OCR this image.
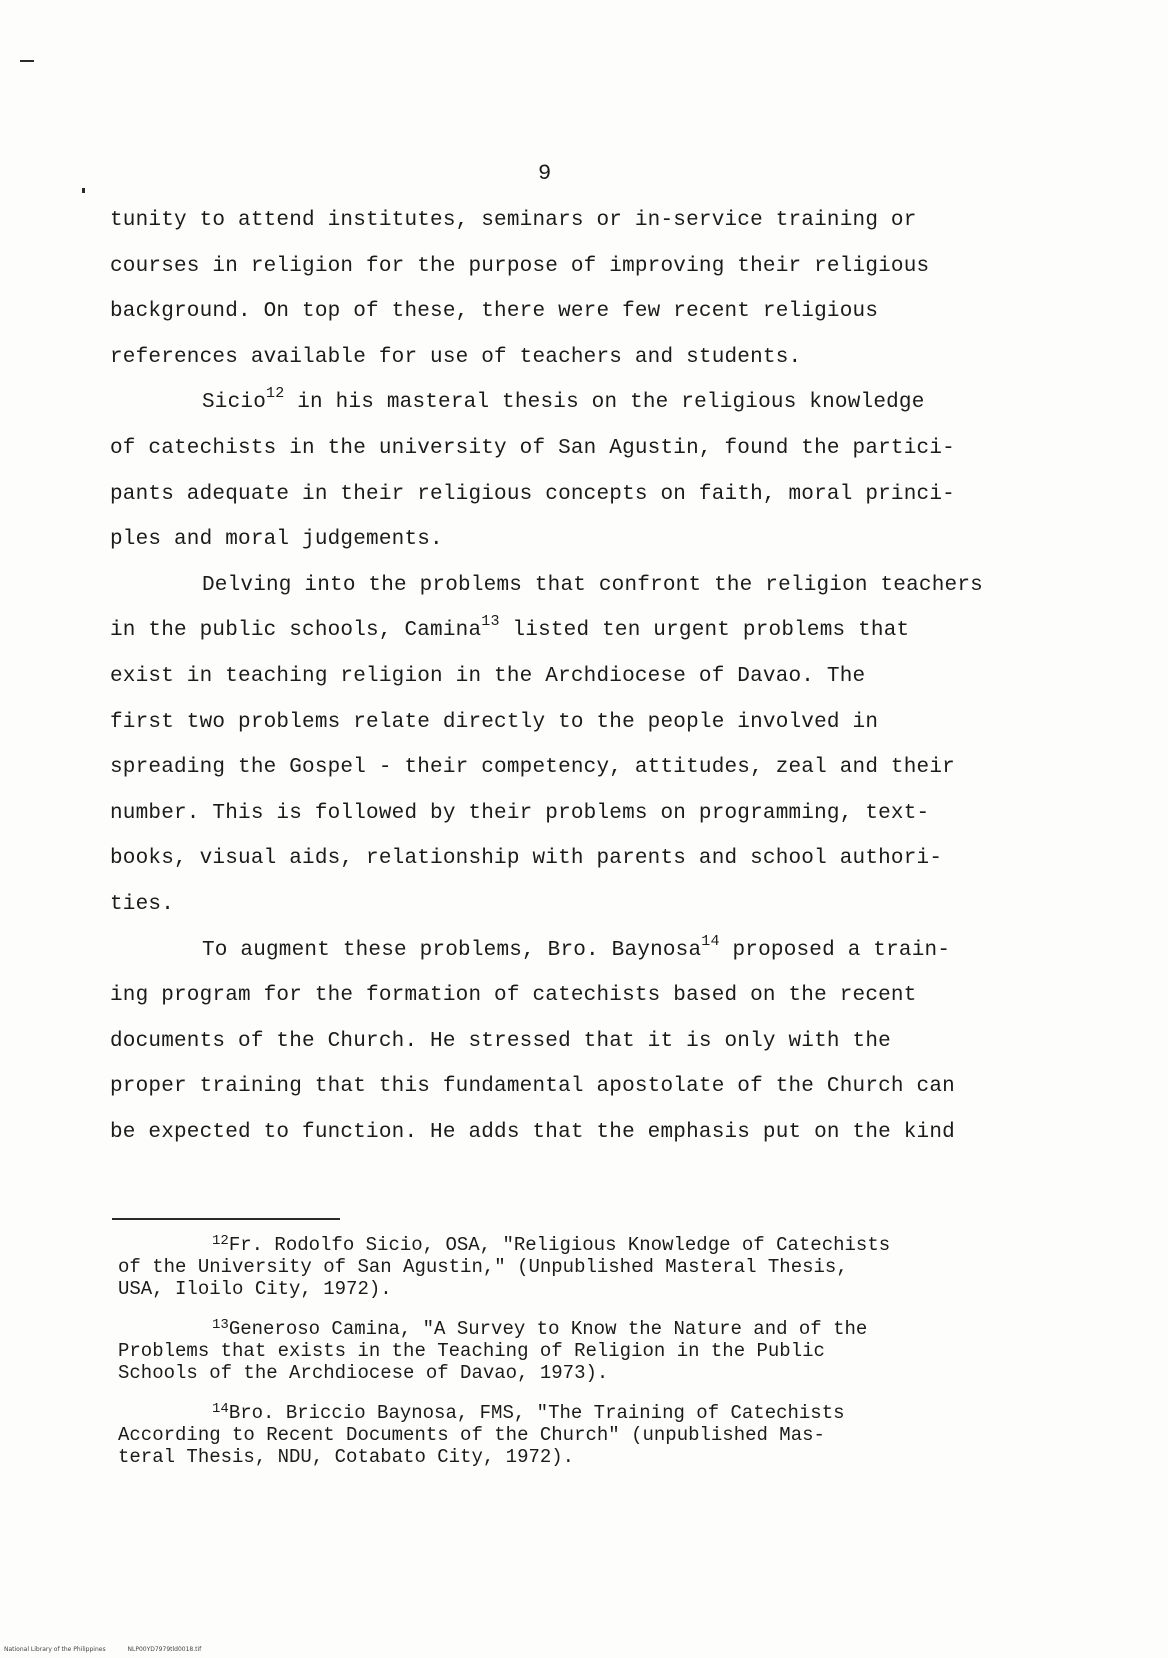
9
tunity to attend institutes, seminars or in-service training or
courses in religion for the purpose of improving their religious
background. On top of these, there were few recent religious
references available for use of teachers and students.
Sicio$^{12}$ in his masteral thesis on the religious knowledge
of catechists in the university of San Agustin, found the partici-
pants adequate in their religious concepts on faith, moral princi-
ples and moral judgements.
Delving into the problems that confront the religion teachers
in the public schools, Camina$^{13}$ listed ten urgent problems that
exist in teaching religion in the Archdiocese of Davao. The
first two problems relate directly to the people involved in
spreading the Gospel - their competency, attitudes, zeal and their
number. This is followed by their problems on programming, text-
books, visual aids, relationship with parents and school authori-
ties.
To augment these problems, Bro. Baynosa$^{14}$ proposed a train-
ing program for the formation of catechists based on the recent
documents of the Church. He stressed that it is only with the
proper training that this fundamental apostolate of the Church can
be expected to function. He adds that the emphasis put on the kind
$^{12}$Fr. Rodolfo Sicio, OSA, "Religious Knowledge of Catechists
of the University of San Agustin," (Unpublished Masteral Thesis,
USA, Iloilo City, 1972).
$^{13}$Generoso Camina, "A Survey to Know the Nature and of the
Problems that exists in the Teaching of Religion in the Public
Schools of the Archdiocese of Davao, 1973).
$^{14}$Bro. Briccio Baynosa, FMS, "The Training of Catechists
According to Recent Documents of the Church" (unpublished Mas-
teral Thesis, NDU, Cotabato City, 1972).
National Library of the Philippines	NLP00YD7979tld0018.tif
